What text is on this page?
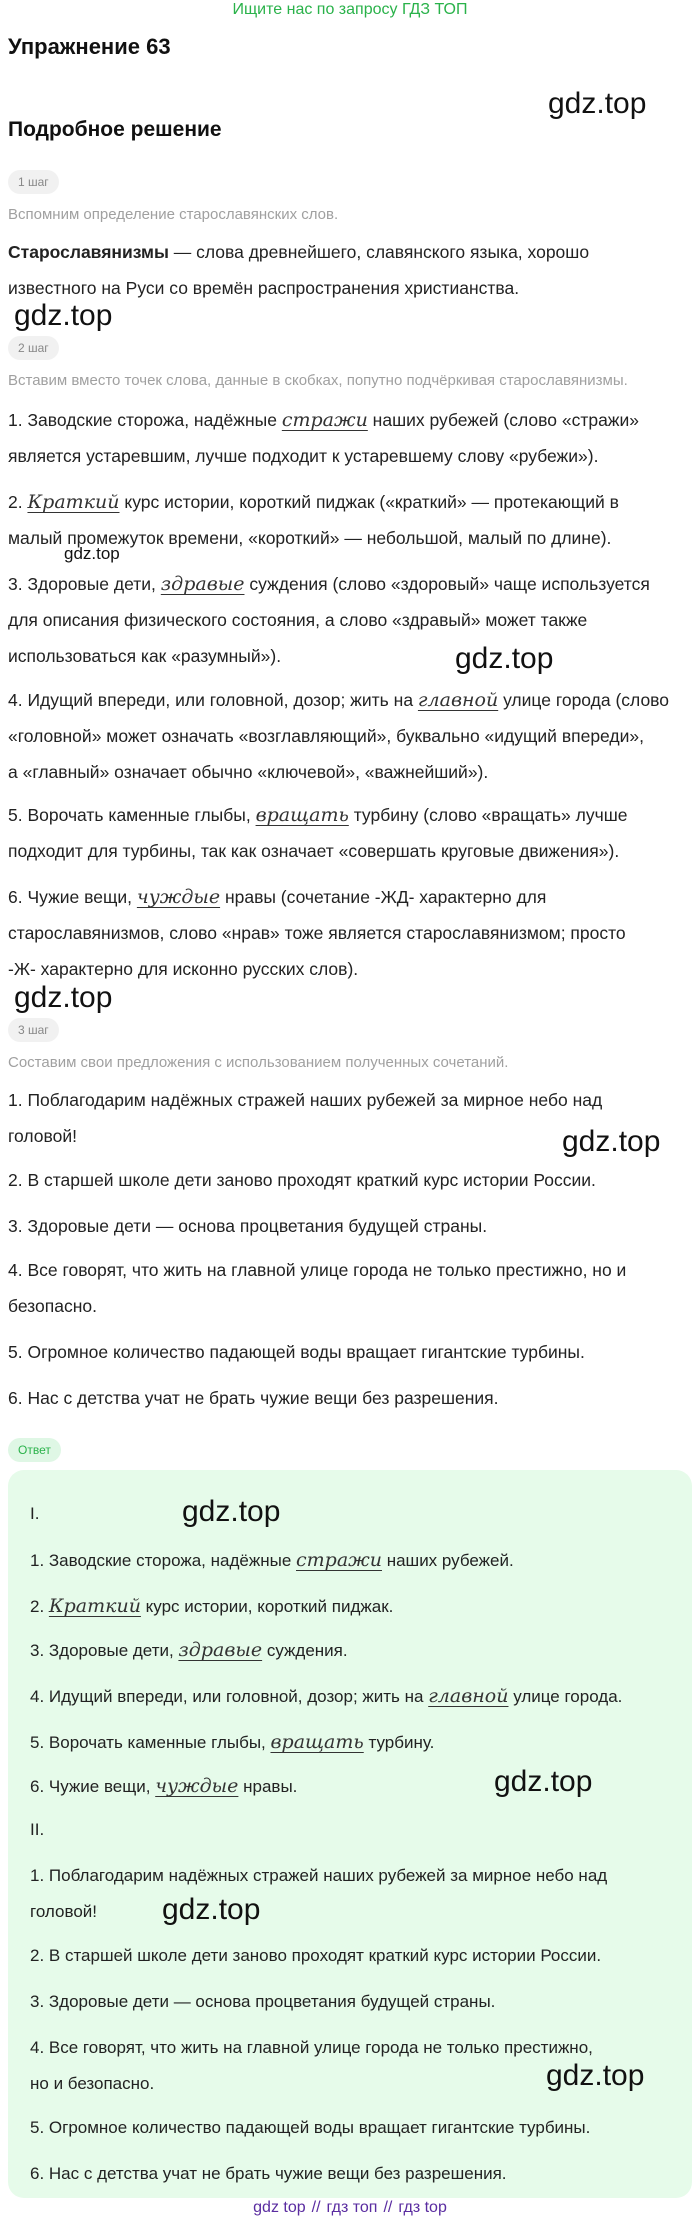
Ищите нас по запросу ГДЗ ТОП
Упражнение 63
gdz.top
Подробное решение
1 шаг
Вспомним определение старославянских слов.
Старославянизмы — слова древнейшего, славянского языка, хорошо
известного на Руси со времён распространения христианства.
gdz.top
2 шаг
Вставим вместо точек слова, данные в скобках, попутно подчёркивая старославянизмы.
1. Заводские сторожа, надёжные стражи наших рубежей (слово «стражи»
является устаревшим, лучше подходит к устаревшему слову «рубежи»).
2. Краткий курс истории, короткий пиджак («краткий» — протекающий в
малый промежуток времени, «короткий» — небольшой, малый по длине).
gdz.top
3. Здоровые дети, здравые суждения (слово «здоровый» чаще используется
для описания физического состояния, а слово «здравый» может также
использоваться как «разумный»).	gdz.top
4. Идущий впереди, или головной, дозор; жить на главной улице города (слово
«головной» может означать «возглавляющий», буквально «идущий впереди»,
а «главный» означает обычно «ключевой», «важнейший»).
5. Ворочать каменные глыбы, вращать турбину (слово «вращать» лучше
подходит для турбины, так как означает «совершать круговые движения»).
6. Чужие вещи, чуждые нравы (сочетание -ЖД- характерно для
старославянизмов, слово «нрав» тоже является старославянизмом; просто
-Ж- характерно для исконно русских слов).
gdz.top
3 шаг
Составим свои предложения с использованием полученных сочетаний.
1. Поблагодарим надёжных стражей наших рубежей за мирное небо над
головой!	gdz.top
2. В старшей школе дети заново проходят краткий курс истории России.
3. Здоровые дети — основа процветания будущей страны.
4. Все говорят, что жить на главной улице города не только престижно, но и
безопасно.
5. Огромное количество падающей воды вращает гигантские турбины.
6. Нас с детства учат не брать чужие вещи без разрешения.
Ответ
I.	gdz.top
1. Заводские сторожа, надёжные стражи наших рубежей.
2. Краткий курс истории, короткий пиджак.
3. Здоровые дети, здравые суждения.
4. Идущий впереди, или головной, дозор; жить на главной улице города.
5. Ворочать каменные глыбы, вращать турбину.
6. Чужие вещи, чуждые нравы.	gdz.top
II.
1. Поблагодарим надёжных стражей наших рубежей за мирное небо над
головой!	gdz.top
2. В старшей школе дети заново проходят краткий курс истории России.
3. Здоровые дети — основа процветания будущей страны.
4. Все говорят, что жить на главной улице города не только престижно,
но и безопасно.	gdz.top
5. Огромное количество падающей воды вращает гигантские турбины.
6. Нас с детства учат не брать чужие вещи без разрешения.
gdz top // гдз топ // гдз top
